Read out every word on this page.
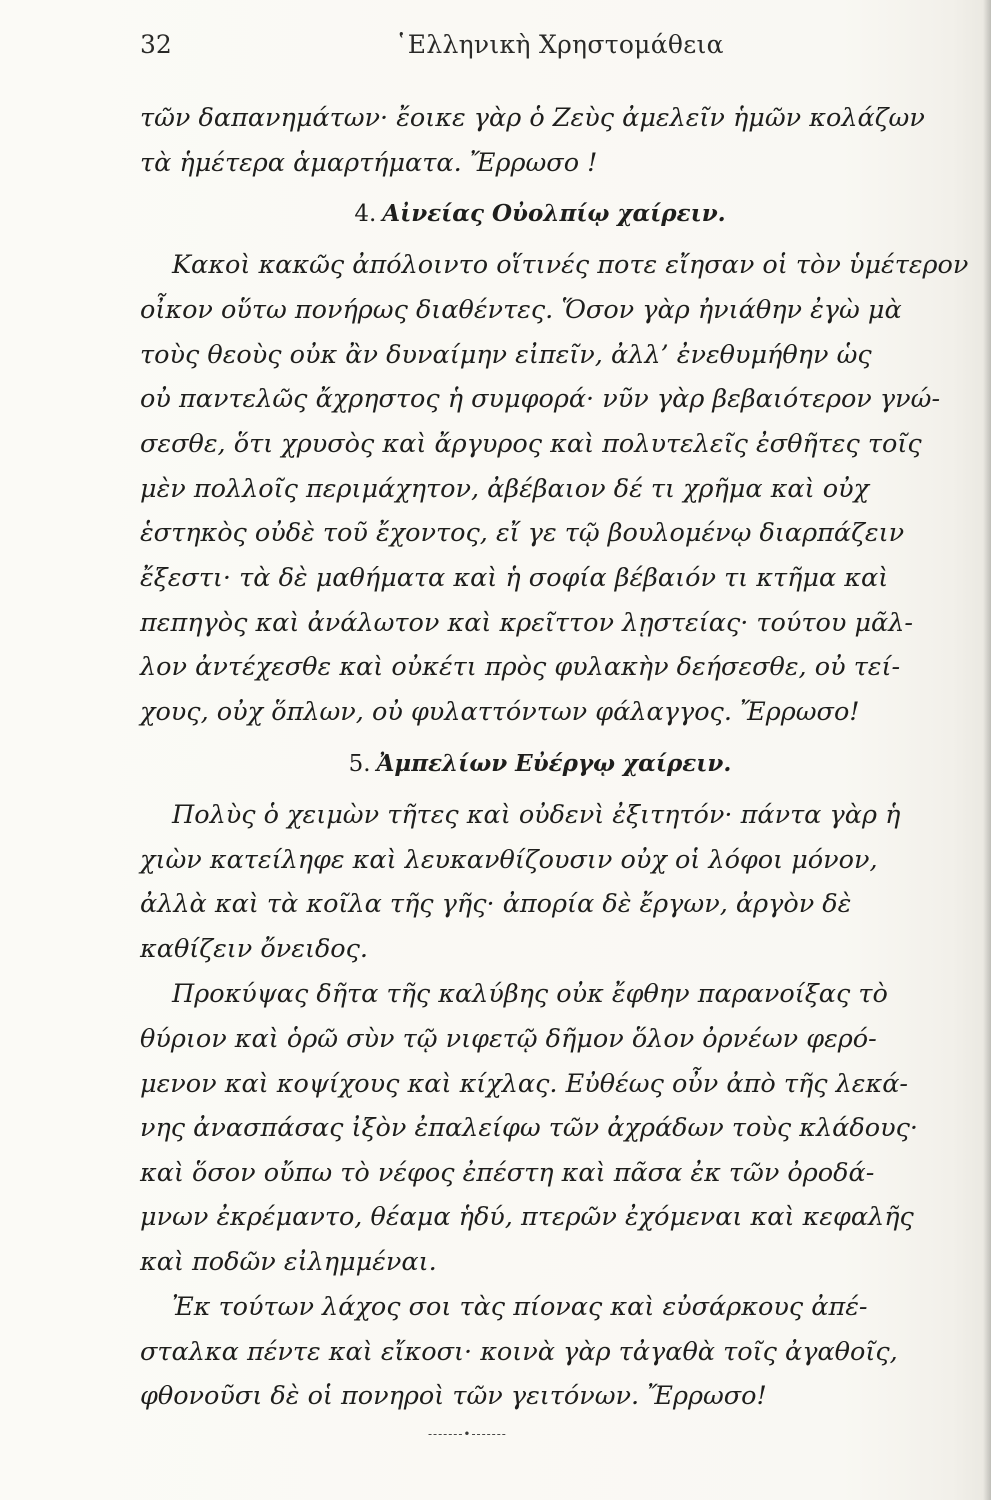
32	῾Ελληνικὴ Χρηστομάθεια
τῶν δαπανημάτων· ἔοικε γὰρ ὁ Ζεὺς ἀμελεῖν ἡμῶν κολάζων
τὰ ἡμέτερα ἁμαρτήματα. Ἔρρωσο !
4. Αἰνείας Οὐολπίῳ χαίρειν.
Κακοὶ κακῶς ἀπόλοιντο οἵτινές ποτε εἴησαν οἱ τὸν ὑμέτερον
οἶκον οὕτω πονήρως διαθέντες. Ὅσον γὰρ ἠνιάθην ἐγὼ μὰ
τοὺς θεοὺς οὐκ ἂν δυναίμην εἰπεῖν, ἀλλ’ ἐνεθυμήθην ὡς
οὐ παντελῶς ἄχρηστος ἡ συμφορά· νῦν γὰρ βεβαιότερον γνώ-
σεσθε, ὅτι χρυσὸς καὶ ἄργυρος καὶ πολυτελεῖς ἐσθῆτες τοῖς
μὲν πολλοῖς περιμάχητον, ἀβέβαιον δέ τι χρῆμα καὶ οὐχ
ἑστηκὸς οὐδὲ τοῦ ἔχοντος, εἴ γε τῷ βουλομένῳ διαρπάζειν
ἔξεστι· τὰ δὲ μαθήματα καὶ ἡ σοφία βέβαιόν τι κτῆμα καὶ
πεπηγὸς καὶ ἀνάλωτον καὶ κρεῖττον λῃστείας· τούτου μᾶλ-
λον ἀντέχεσθε καὶ οὐκέτι πρὸς φυλακὴν δεήσεσθε, οὐ τεί-
χους, οὐχ ὅπλων, οὐ φυλαττόντων φάλαγγος. Ἔρρωσο!
5. Ἀμπελίων Εὐέργῳ χαίρειν.
Πολὺς ὁ χειμὼν τῆτες καὶ οὐδενὶ ἐξιτητόν· πάντα γὰρ ἡ
χιὼν κατείληφε καὶ λευκανθίζουσιν οὐχ οἱ λόφοι μόνον,
ἀλλὰ καὶ τὰ κοῖλα τῆς γῆς· ἀπορία δὲ ἔργων, ἀργὸν δὲ
καθίζειν ὄνειδος.
Προκύψας δῆτα τῆς καλύβης οὐκ ἔφθην παρανοίξας τὸ
θύριον καὶ ὁρῶ σὺν τῷ νιφετῷ δῆμον ὅλον ὀρνέων φερό-
μενον καὶ κοψίχους καὶ κίχλας. Εὐθέως οὖν ἀπὸ τῆς λεκά-
νης ἀνασπάσας ἰξὸν ἐπαλείφω τῶν ἀχράδων τοὺς κλάδους·
καὶ ὅσον οὔπω τὸ νέφος ἐπέστη καὶ πᾶσα ἐκ τῶν ὀροδά-
μνων ἐκρέμαντο, θέαμα ἡδύ, πτερῶν ἐχόμεναι καὶ κεφαλῆς
καὶ ποδῶν εἰλημμέναι.
Ἐκ τούτων λάχος σοι τὰς πίονας καὶ εὐσάρκους ἀπέ-
σταλκα πέντε καὶ εἴκοσι· κοινὰ γὰρ τἀγαθὰ τοῖς ἀγαθοῖς,
φθονοῦσι δὲ οἱ πονηροὶ τῶν γειτόνων. Ἔρρωσο!
-------•-------
